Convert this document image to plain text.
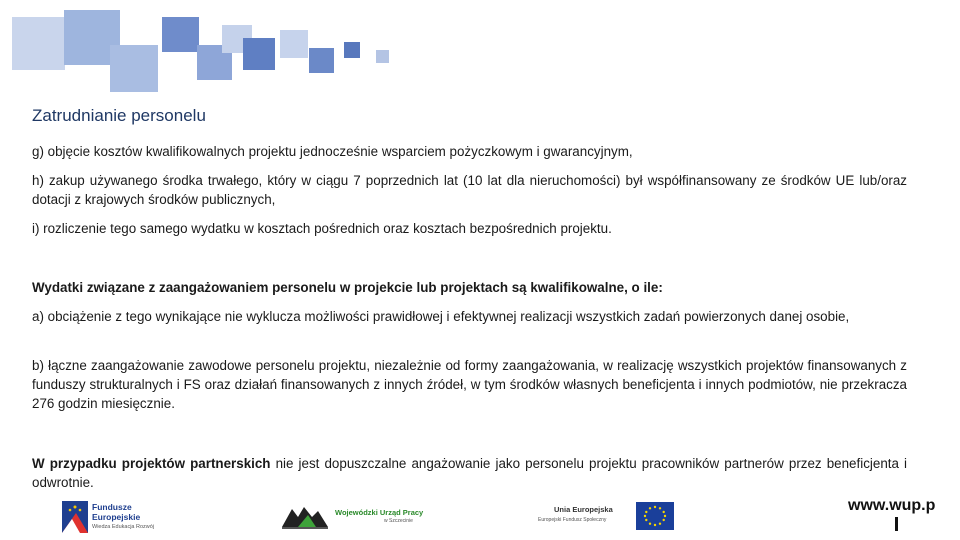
Zatrudnianie personelu

g) objęcie kosztów kwalifikowalnych projektu jednocześnie wsparciem pożyczkowym i gwarancyjnym,

h) zakup używanego środka trwałego, który w ciągu 7 poprzednich lat (10 lat dla nieruchomości) był współfinansowany ze środków UE lub/oraz dotacji z krajowych środków publicznych,

i) rozliczenie tego samego wydatku w kosztach pośrednich oraz kosztach bezpośrednich projektu.

Wydatki związane z zaangażowaniem personelu w projekcie lub projektach są kwalifikowalne, o ile:

a) obciążenie z tego wynikające nie wyklucza możliwości prawidłowej i efektywnej realizacji wszystkich zadań powierzonych danej osobie,

b) łączne zaangażowanie zawodowe personelu projektu, niezależnie od formy zaangażowania, w realizację wszystkich projektów finansowanych z funduszy strukturalnych i FS oraz działań finansowanych z innych źródeł, w tym środków własnych beneficjenta i innych podmiotów, nie przekracza 276 godzin miesięcznie.

W przypadku projektów partnerskich nie jest dopuszczalne angażowanie jako personelu projektu pracowników partnerów przez beneficjenta i odwrotnie.

Fundusze
Europejskie
Wiedza Edukacja Rozwój
Wojewódzki Urząd Pracy
w Szczecinie
Unia Europejska
Europejski Fundusz Społeczny
www.wup.p
